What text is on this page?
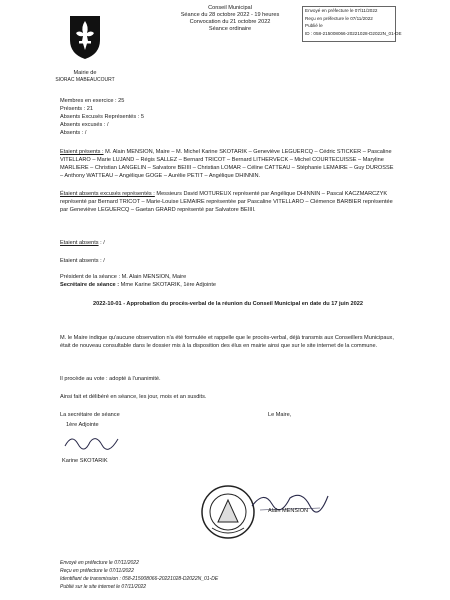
Mairie de
SIORAC MABEAUCOURT
Conseil Municipal
Séance du 28 octobre 2022 - 19 heures
Convocation du 21 octobre 2022
Séance ordinaire
Envoyé en préfecture le 07/11/2022
Reçu en préfecture le 07/11/2022
Publié le
ID : 058-215008066-20221028-D2022N_01-DE
Membres en exercice : 25
Présents : 21
Absents Excusés Représentés : 5
Absents excusés : /
Absents : /
Etaient présents : M. Alain MENSION, Maire – M. Michel Karine SKOTARIK – Geneviève LEGUERCQ – Cédric STICKER – Pascaline VITELLARO – Marie LUJAND – Régis SALLEZ – Bernard TRICOT – Bernard LITHERVECK – Michel COURTECUISSE – Maryline MARLIERE – Christian LANGELIN – Salvatore BEIIII – Christian LOMAR – Céline CATTEAU – Stéphanie LEMAIRE – Guy DUROSSE – Anthony WATTEAU – Angélique GOGE – Aurélie PETIT – Angélique DHINNIN.
Étaient absents excusés représentés : Messieurs David MOTUREUX représenté par Angélique DHINNIN – Pascal KACZMARCZYK représenté par Bernard TRICOT – Marie-Louise LEMAIRE représentée par Pascaline VITELLARO – Clémence BARBIER représentée par Geneviève LEGUERCQ – Gaetan GRARD représenté par Salvatore BEIIII.
Etaient absents : /
Etaient absents : /
Président de la séance : M. Alain MENSION, Maire
Secrétaire de séance : Mme Karine SKOTARIK, 1ère Adjointe
2022-10-01 - Approbation du procès-verbal de la réunion du Conseil Municipal en date du 17 juin 2022
M. le Maire indique qu'aucune observation n'a été formulée et rappelle que le procès-verbal, déjà transmis aux Conseillers Municipaux, était de nouveau consultable dans le dossier mis à la disposition des élus en mairie ainsi que sur le site internet de la commune.
Il procède au vote : adopté à l'unanimité.
Ainsi fait et délibéré en séance, les jour, mois et an susdits.
La secrétaire de séance
1ère Adjointe
Karine SKOTARIK
Le Maire,
Alain MENSION
Envoyé en préfecture le 07/11/2022
Reçu en préfecture le 07/11/2022
Identifiant de transmission : 058-215008066-20221028-D2022N_01-DE
Publié sur le site internet le 07/11/2022
